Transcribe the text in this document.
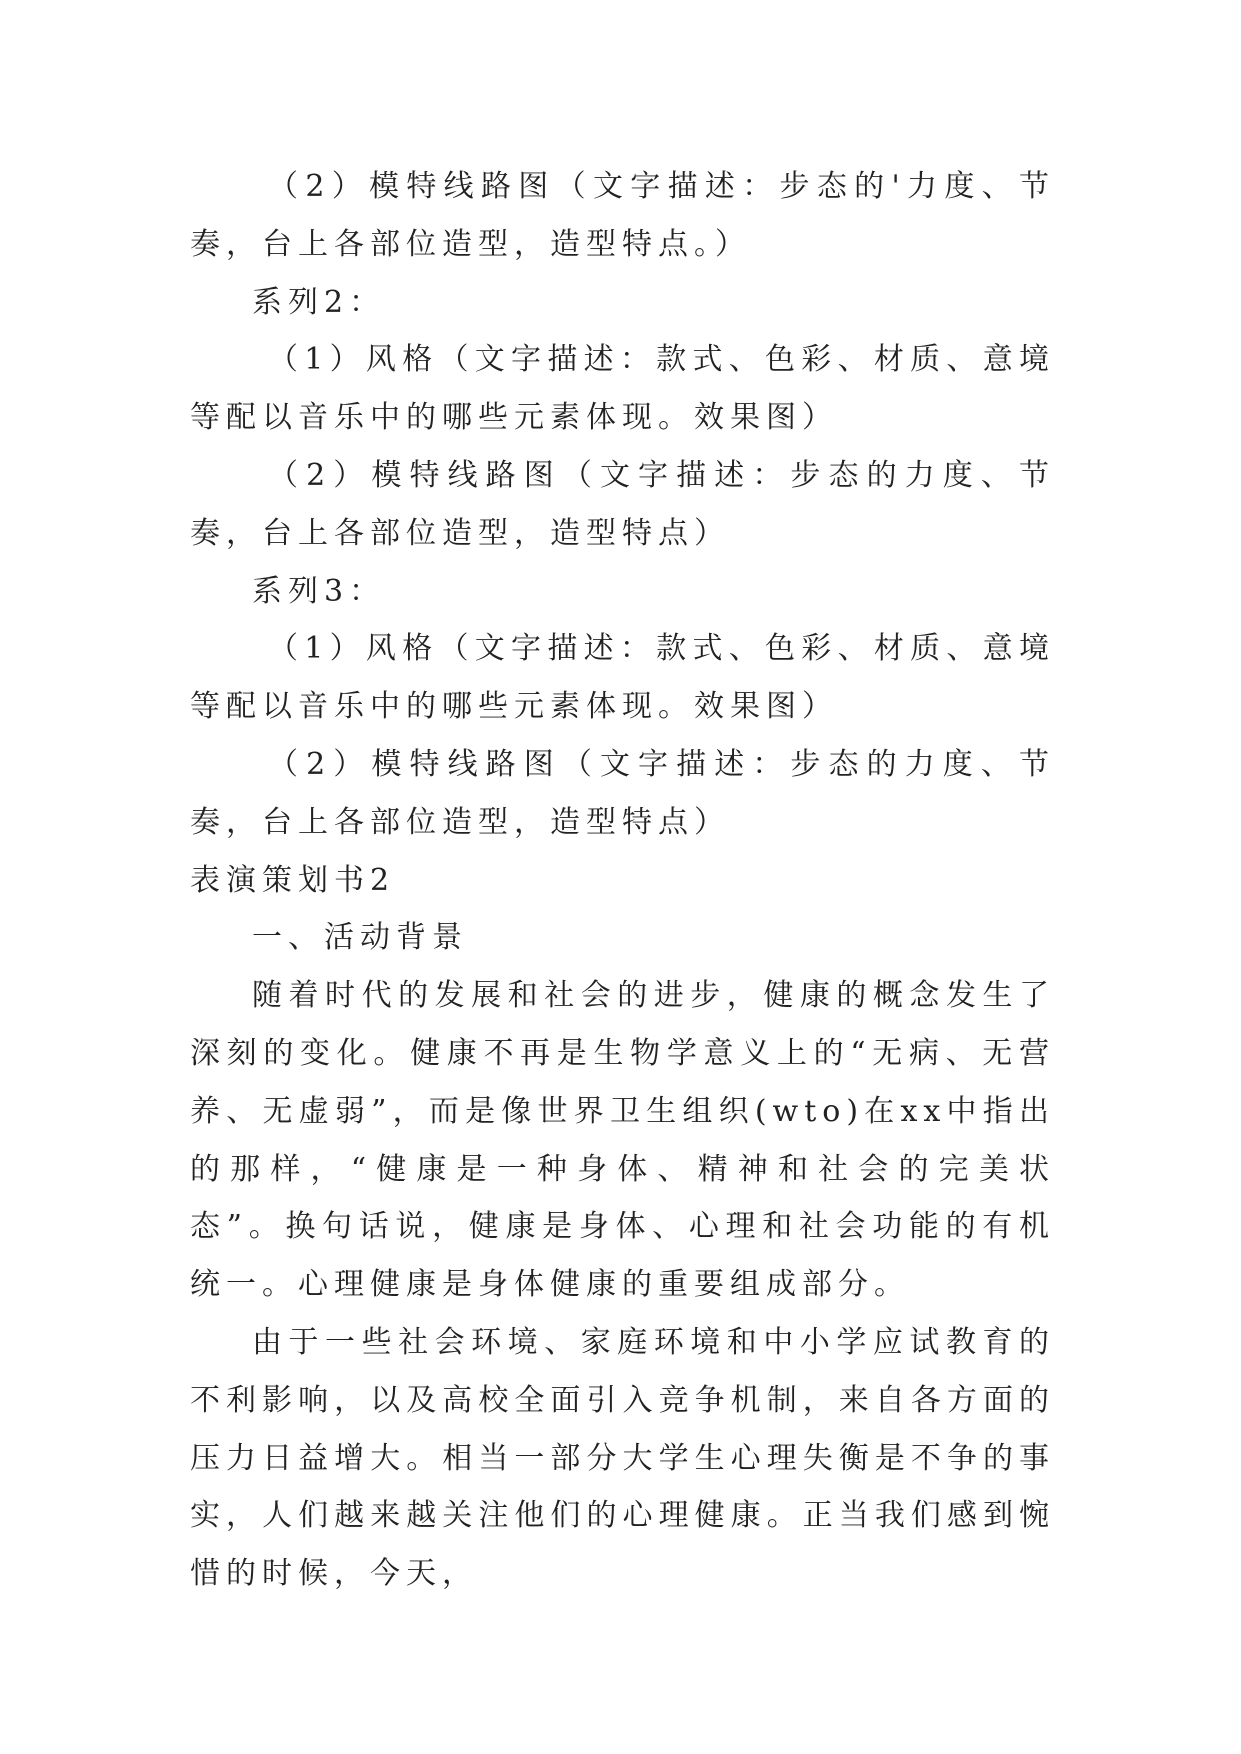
（2）模特线路图（文字描述：步态的'力度、节奏，台上各部位造型，造型特点。）

系列2：

（1）风格（文字描述：款式、色彩、材质、意境等配以音乐中的哪些元素体现。效果图）

（2）模特线路图（文字描述：步态的力度、节奏，台上各部位造型，造型特点）

系列3：

（1）风格（文字描述：款式、色彩、材质、意境等配以音乐中的哪些元素体现。效果图）

（2）模特线路图（文字描述：步态的力度、节奏，台上各部位造型，造型特点）

表演策划书2

一、活动背景

随着时代的发展和社会的进步，健康的概念发生了深刻的变化。健康不再是生物学意义上的“无病、无营养、无虚弱”，而是像世界卫生组织(wto)在xx中指出的那样，“健康是一种身体、精神和社会的完美状态”。换句话说，健康是身体、心理和社会功能的有机统一。心理健康是身体健康的重要组成部分。

由于一些社会环境、家庭环境和中小学应试教育的不利影响，以及高校全面引入竞争机制，来自各方面的压力日益增大。相当一部分大学生心理失衡是不争的事实，人们越来越关注他们的心理健康。正当我们感到惋惜的时候，今天，
